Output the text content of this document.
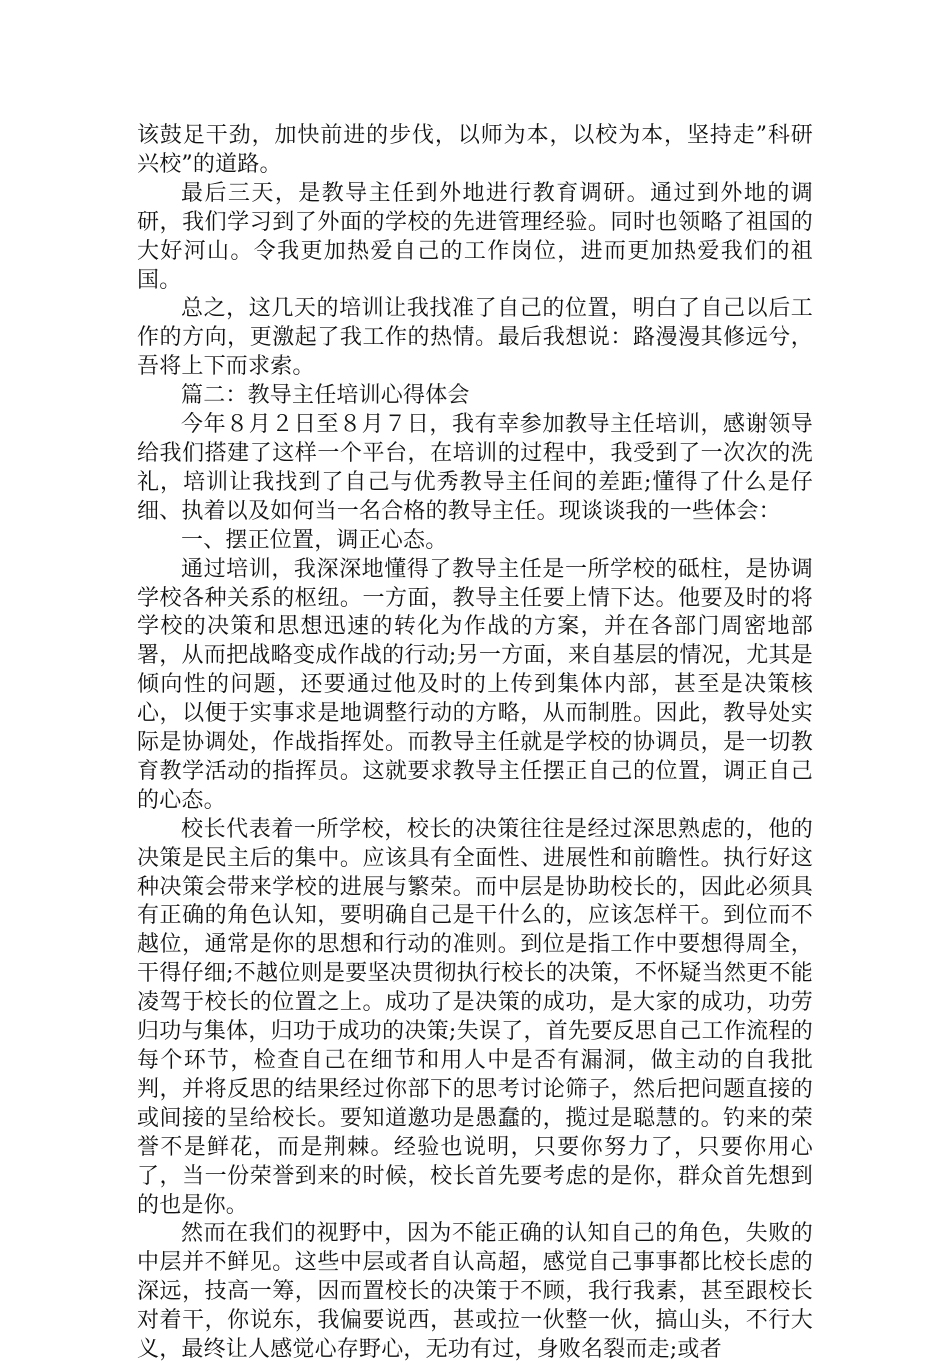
该鼓足干劲，加快前进的步伐，以师为本，以校为本，坚持走”科研兴校”的道路。

最后三天，是教导主任到外地进行教育调研。通过到外地的调研，我们学习到了外面的学校的先进管理经验。同时也领略了祖国的大好河山。令我更加热爱自己的工作岗位，进而更加热爱我们的祖国。

总之，这几天的培训让我找准了自己的位置，明白了自己以后工作的方向，更激起了我工作的热情。最后我想说：路漫漫其修远兮，吾将上下而求索。

篇二：教导主任培训心得体会

今年８月２日至８月７日，我有幸参加教导主任培训，感谢领导给我们搭建了这样一个平台，在培训的过程中，我受到了一次次的洗礼，培训让我找到了自己与优秀教导主任间的差距;懂得了什么是仔细、执着以及如何当一名合格的教导主任。现谈谈我的一些体会：

一、摆正位置，调正心态。

通过培训，我深深地懂得了教导主任是一所学校的砥柱，是协调学校各种关系的枢纽。一方面，教导主任要上情下达。他要及时的将学校的决策和思想迅速的转化为作战的方案，并在各部门周密地部署，从而把战略变成作战的行动;另一方面，来自基层的情况，尤其是倾向性的问题，还要通过他及时的上传到集体内部，甚至是决策核心，以便于实事求是地调整行动的方略，从而制胜。因此，教导处实际是协调处，作战指挥处。而教导主任就是学校的协调员，是一切教育教学活动的指挥员。这就要求教导主任摆正自己的位置，调正自己的心态。

校长代表着一所学校，校长的决策往往是经过深思熟虑的，他的决策是民主后的集中。应该具有全面性、进展性和前瞻性。执行好这种决策会带来学校的进展与繁荣。而中层是协助校长的，因此必须具有正确的角色认知，要明确自己是干什么的，应该怎样干。到位而不越位，通常是你的思想和行动的准则。到位是指工作中要想得周全，干得仔细;不越位则是要坚决贯彻执行校长的决策，不怀疑当然更不能凌驾于校长的位置之上。成功了是决策的成功，是大家的成功，功劳归功与集体，归功于成功的决策;失误了，首先要反思自己工作流程的每个环节，检查自己在细节和用人中是否有漏洞，做主动的自我批判，并将反思的结果经过你部下的思考讨论筛子，然后把问题直接的或间接的呈给校长。要知道邀功是愚蠢的，揽过是聪慧的。钓来的荣誉不是鲜花，而是荆棘。经验也说明，只要你努力了，只要你用心了，当一份荣誉到来的时候，校长首先要考虑的是你，群众首先想到的也是你。

然而在我们的视野中，因为不能正确的认知自己的角色，失败的中层并不鲜见。这些中层或者自认高超，感觉自己事事都比校长虑的深远，技高一筹，因而置校长的决策于不顾，我行我素，甚至跟校长对着干，你说东，我偏要说西，甚或拉一伙整一伙，搞山头，不行大义，最终让人感觉心存野心，无功有过，身败名裂而走;或者
